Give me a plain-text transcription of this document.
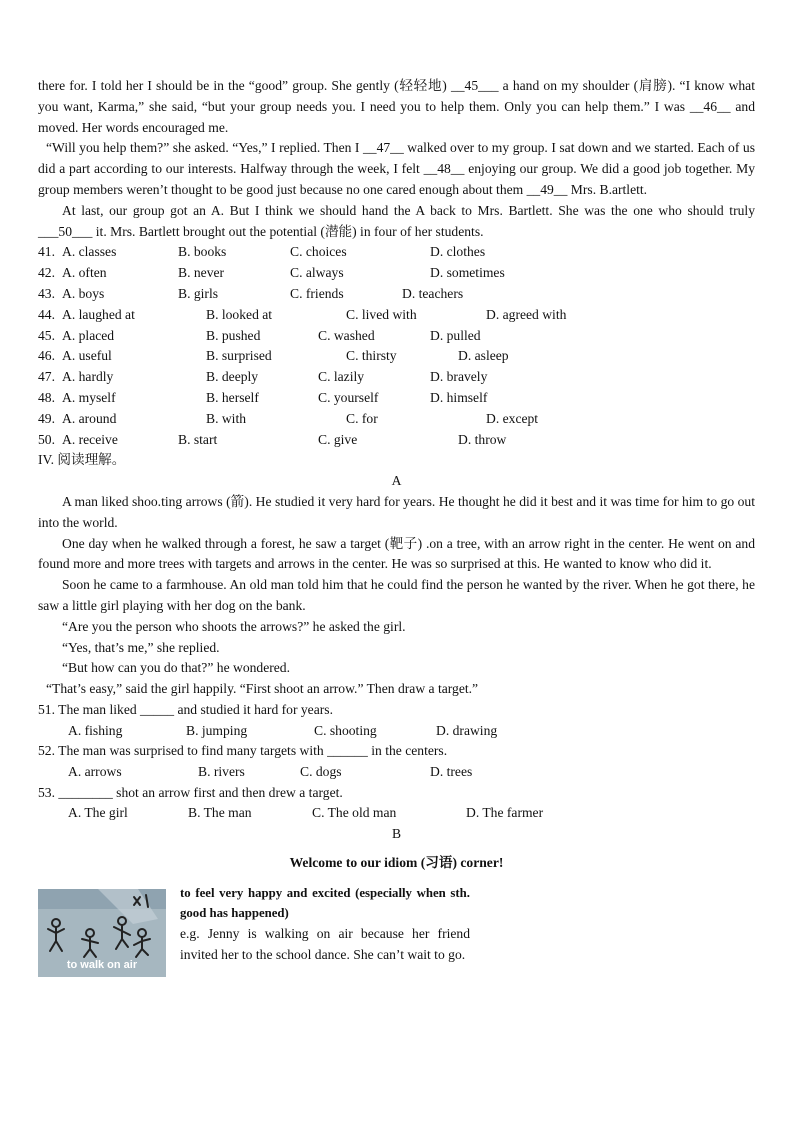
there for. I told her I should be in the “good” group. She gently (轻轻地) __45___ a hand on my shoulder (肩膀). “I know what you want, Karma,” she said, “but your group needs you. I need you to help them. Only you can help them.” I was __46__ and moved. Her words encouraged me.

“Will you help them?” she asked. “Yes,” I replied. Then I __47__ walked over to my group. I sat down and we started. Each of us did a part according to our interests. Halfway through the week, I felt __48__ enjoying our group. We did a good job together. My group members weren’t thought to be good just because no one cared enough about them __49__ Mrs. B.artlett.

At last, our group got an A. But I think we should hand the A back to Mrs. Bartlett. She was the one who should truly ___50___ it. Mrs. Bartlett brought out the potential (潜能) in four of her students.

41. A. classes	B. books	C. choices	D. clothes
42. A. often	B. never	C. always	D. sometimes
43. A. boys	B. girls	C. friends	D. teachers
44. A. laughed at	B. looked at	C. lived with	D. agreed with
45. A. placed	B. pushed	C. washed	D. pulled
46. A. useful	B. surprised	C. thirsty	D. asleep
47. A. hardly	B. deeply	C. lazily	D. bravely
48. A. myself	B. herself	C. yourself	D. himself
49. A. around	B. with	C. for	D. except
50. A. receive	B. start	C. give	D. throw

IV. 阅读理解。

A

A man liked shoo.ting arrows (箭). He studied it very hard for years. He thought he did it best and it was time for him to go out into the world.

One day when he walked through a forest, he saw a target (靶子) .on a tree, with an arrow right in the center. He went on and found more and more trees with targets and arrows in the center. He was so surprised at this. He wanted to know who did it.

Soon he came to a farmhouse. An old man told him that he could find the person he wanted by the river. When he got there, he saw a little girl playing with her dog on the bank.

“Are you the person who shoots the arrows?” he asked the girl.

“Yes, that’s me,” she replied.

“But how can you do that?” he wondered.

“That’s easy,” said the girl happily. “First shoot an arrow.” Then draw a target.”

51. The man liked _____ and studied it hard for years.

A. fishing	B. jumping	C. shooting	D. drawing

52. The man was surprised to find many targets with ______ in the centers.

A. arrows	B. rivers	C. dogs	D. trees

53. ________ shot an arrow first and then drew a target.

A. The girl	B. The man	C. The old man	D. The farmer
B
Welcome to our idiom (习语) corner!
to walk on air

to feel very happy and excited (especially when sth. good has happened)

e.g. Jenny is walking on air because her friend invited her to the school dance. She can’t wait to go.
